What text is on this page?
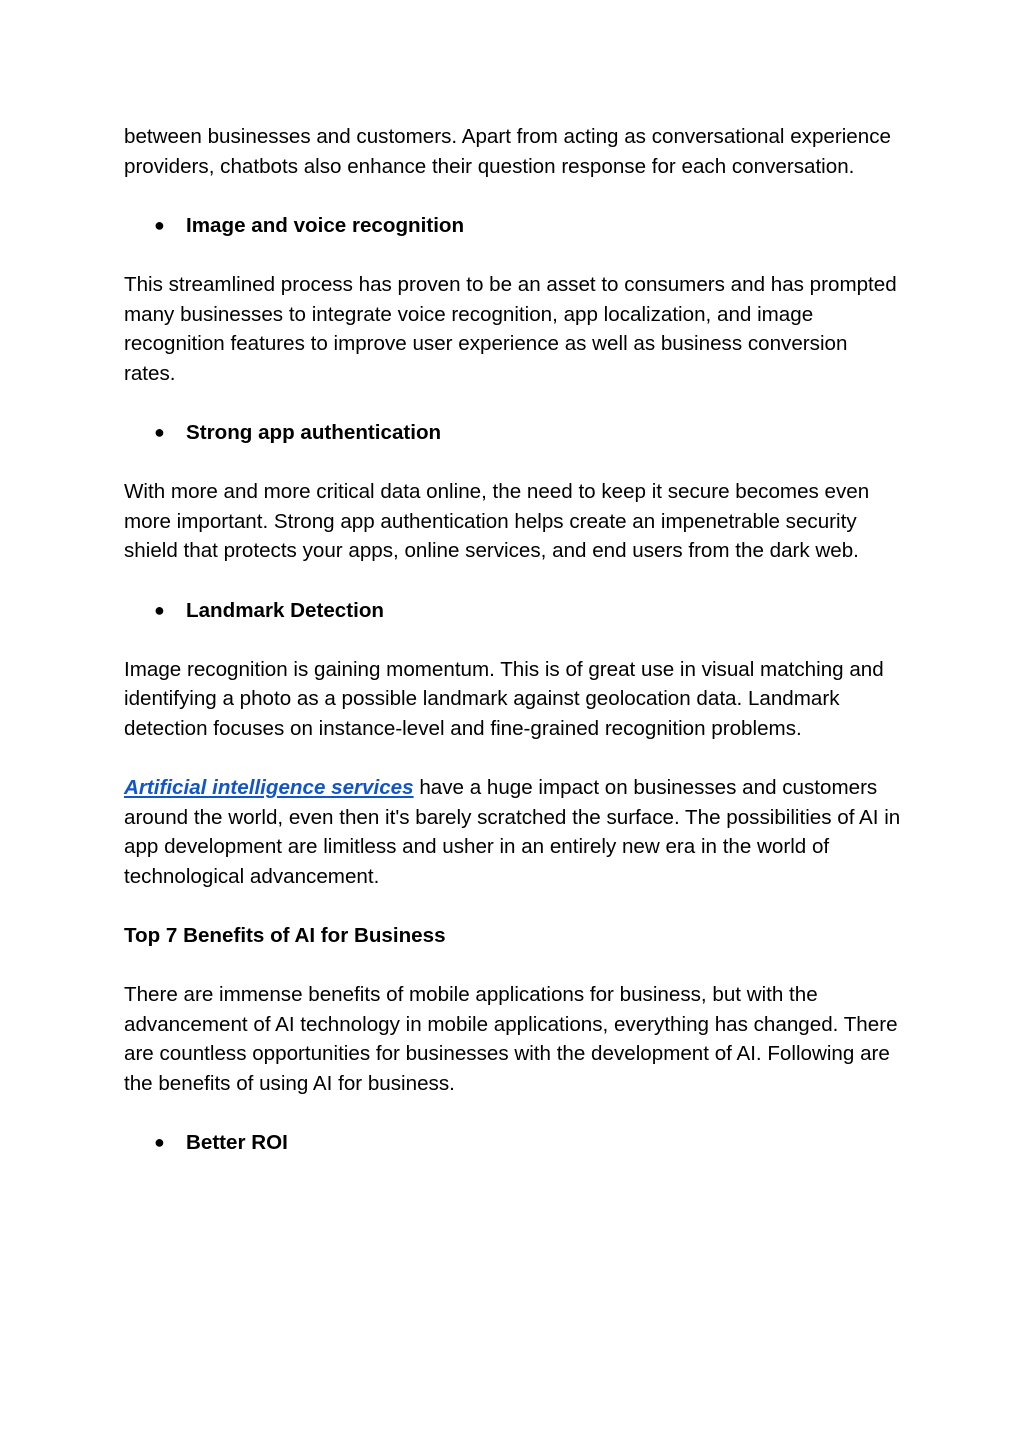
between businesses and customers. Apart from acting as conversational experience providers, chatbots also enhance their question response for each conversation.

● Image and voice recognition

This streamlined process has proven to be an asset to consumers and has prompted many businesses to integrate voice recognition, app localization, and image recognition features to improve user experience as well as business conversion rates.

● Strong app authentication

With more and more critical data online, the need to keep it secure becomes even more important. Strong app authentication helps create an impenetrable security shield that protects your apps, online services, and end users from the dark web.

● Landmark Detection

Image recognition is gaining momentum. This is of great use in visual matching and identifying a photo as a possible landmark against geolocation data. Landmark detection focuses on instance-level and fine-grained recognition problems.

Artificial intelligence services have a huge impact on businesses and customers around the world, even then it's barely scratched the surface. The possibilities of AI in app development are limitless and usher in an entirely new era in the world of technological advancement.

Top 7 Benefits of AI for Business

There are immense benefits of mobile applications for business, but with the advancement of AI technology in mobile applications, everything has changed. There are countless opportunities for businesses with the development of AI. Following are the benefits of using AI for business.

● Better ROI
